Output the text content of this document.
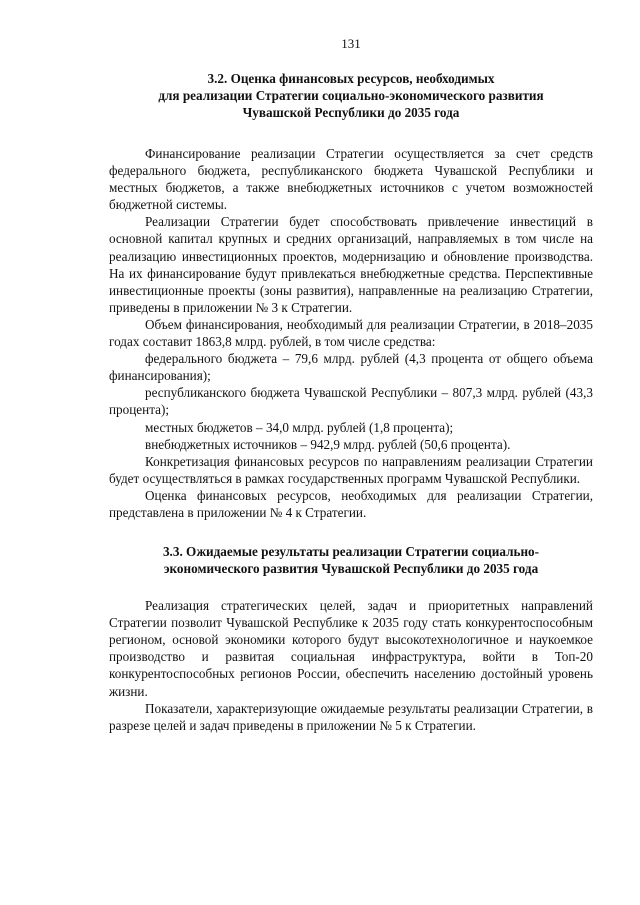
131
3.2. Оценка финансовых ресурсов, необходимых
для реализации Стратегии социально-экономического развития
Чувашской Республики до 2035 года

Финансирование реализации Стратегии осуществляется за счет средств федерального бюджета, республиканского бюджета Чувашской Республики и местных бюджетов, а также внебюджетных источников с учетом возможностей бюджетной системы.

Реализации Стратегии будет способствовать привлечение инвестиций в основной капитал крупных и средних организаций, направляемых в том числе на реализацию инвестиционных проектов, модернизацию и обновление производства. На их финансирование будут привлекаться внебюджетные средства. Перспективные инвестиционные проекты (зоны развития), направленные на реализацию Стратегии, приведены в приложении № 3 к Стратегии.

Объем финансирования, необходимый для реализации Стратегии, в 2018–2035 годах составит 1863,8 млрд. рублей, в том числе средства:

федерального бюджета – 79,6 млрд. рублей (4,3 процента от общего объема финансирования);

республиканского бюджета Чувашской Республики – 807,3 млрд. рублей (43,3 процента);

местных бюджетов – 34,0 млрд. рублей (1,8 процента);

внебюджетных источников – 942,9 млрд. рублей (50,6 процента).

Конкретизация финансовых ресурсов по направлениям реализации Стратегии будет осуществляться в рамках государственных программ Чувашской Республики.

Оценка финансовых ресурсов, необходимых для реализации Стратегии, представлена в приложении № 4 к Стратегии.

3.3. Ожидаемые результаты реализации Стратегии социально-
экономического развития Чувашской Республики до 2035 года

Реализация стратегических целей, задач и приоритетных направлений Стратегии позволит Чувашской Республике к 2035 году стать конкурентоспособным регионом, основой экономики которого будут высокотехнологичное и наукоемкое производство и развитая социальная инфраструктура, войти в Топ-20 конкурентоспособных регионов России, обеспечить населению достойный уровень жизни.

Показатели, характеризующие ожидаемые результаты реализации Стратегии, в разрезе целей и задач приведены в приложении № 5 к Стратегии.
